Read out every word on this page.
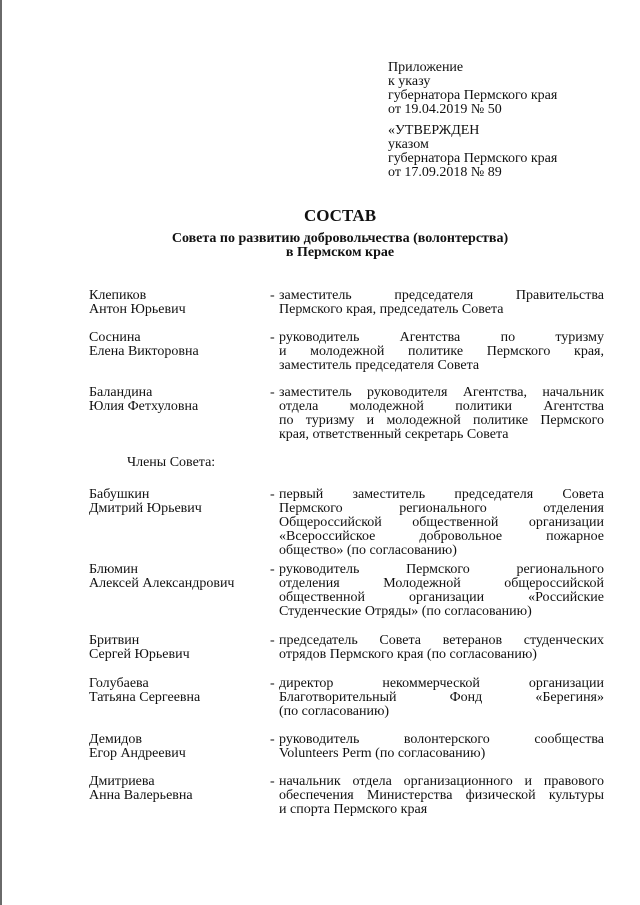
Приложение
к указу
губернатора Пермского края
от 19.04.2019 № 50
«УТВЕРЖДЕН
указом
губернатора Пермского края
от 17.09.2018 № 89
СОСТАВ
Совета по развитию добровольчества (волонтерства)
в Пермском крае
Клепиков
Антон Юрьевич
- заместитель председателя Правительства
Пермского края, председатель Совета
Соснина
Елена Викторовна
- руководитель Агентства по туризму
и молодежной политике Пермского края,
заместитель председателя Совета
Баландина
Юлия Фетхуловна
- заместитель руководителя Агентства, начальник
отдела молодежной политики Агентства
по туризму и молодежной политике Пермского
края, ответственный секретарь Совета
Члены Совета:
Бабушкин
Дмитрий Юрьевич
- первый заместитель председателя Совета
Пермского регионального отделения
Общероссийской общественной организации
«Всероссийское добровольное пожарное
общество» (по согласованию)
Блюмин
Алексей Александрович
- руководитель Пермского регионального
отделения Молодежной общероссийской
общественной организации «Российские
Студенческие Отряды» (по согласованию)
Бритвин
Сергей Юрьевич
- председатель Совета ветеранов студенческих
отрядов Пермского края (по согласованию)
Голубаева
Татьяна Сергеевна
- директор некоммерческой организации
Благотворительный Фонд «Берегиня»
(по согласованию)
Демидов
Егор Андреевич
- руководитель волонтерского сообщества
Volunteers Perm (по согласованию)
Дмитриева
Анна Валерьевна
- начальник отдела организационного и правового
обеспечения Министерства физической культуры
и спорта Пермского края
